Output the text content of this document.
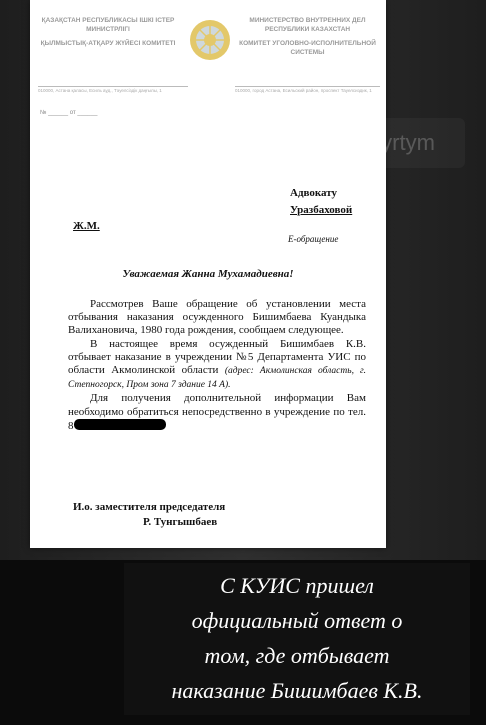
ҚАЗАҚСТАН РЕСПУБЛИКАСЫ ІШКІ ІСТЕР МИНИСТРЛІГІ
ҚЫЛМЫСТЫҚ-АТҚАРУ ЖҮЙЕСІ КОМИТЕТІ
МИНИСТЕРСТВО ВНУТРЕННИХ ДЕЛ РЕСПУБЛИКИ КАЗАХСТАН
КОМИТЕТ УГОЛОВНО-ИСПОЛНИТЕЛЬНОЙ СИСТЕМЫ
010000, Астана қаласы, Есиль ауд., Тәуелсіздік даңғылы, 1	010000, город Астана, Есильский район, проспект Тауелсиздик, 1
№ ______ от ______
Адвокату
Уразбаховой
Ж.М.
Е-обращение
Уважаемая Жанна Мухамадиевна!

Рассмотрев Ваше обращение об установлении места отбывания наказания осужденного Бишимбаева Куандыка Валихановича, 1980 года рождения, сообщаем следующее.

В настоящее время осужденный Бишимбаев К.В. отбывает наказание в учреждении №5 Департамента УИС по области Акмолинской области (адрес: Акмолинская область, г. Степногорск, Пром зона 7 здание 14 А).

Для получения дополнительной информации Вам необходимо обратиться непосредственно в учреждение по тел. 8

И.о. заместителя председателя
Р. Тунгышбаев
tyrtym
С КУИС пришел
официальный ответ о
том, где отбывает
наказание Бишимбаев К.В.
